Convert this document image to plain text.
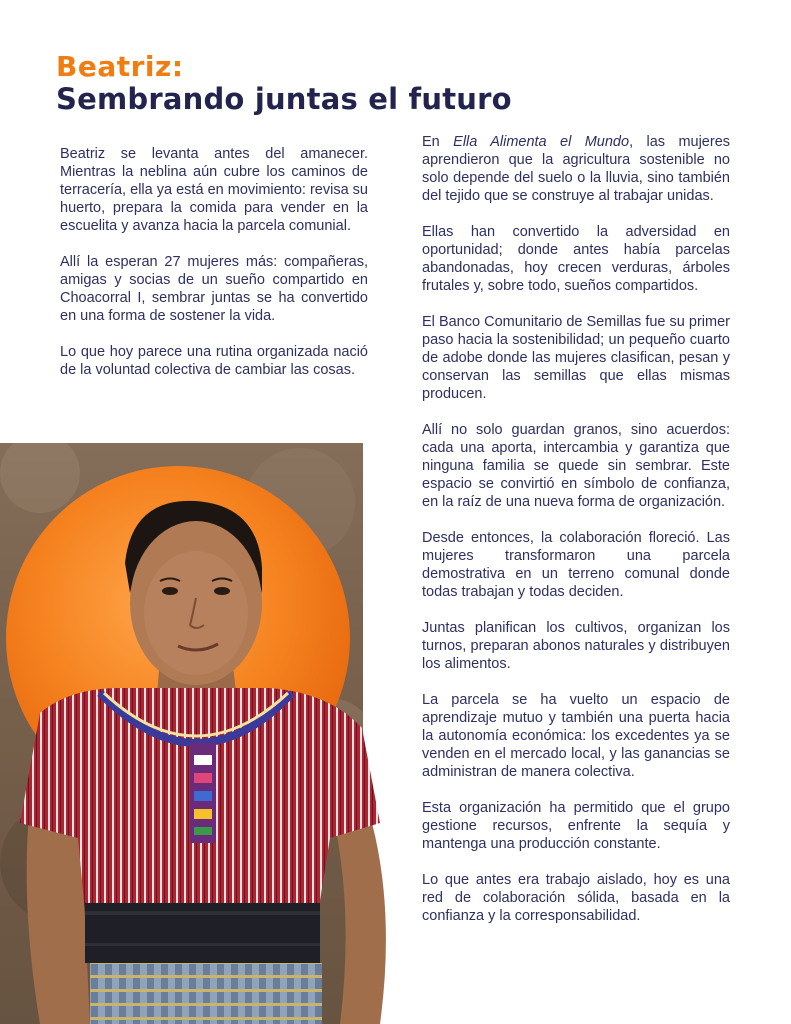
Beatriz:
Sembrando juntas el futuro

Beatriz se levanta antes del amanecer. Mientras la neblina aún cubre los caminos de terracería, ella ya está en movimiento: revisa su huerto, prepara la comida para vender en la escuelita y avanza hacia la parcela comunial.

Allí la esperan 27 mujeres más: compañeras, amigas y socias de un sueño compartido en Choacorral I, sembrar juntas se ha convertido en una forma de sostener la vida.

Lo que hoy parece una rutina organizada nació de la voluntad colectiva de cambiar las cosas.

En Ella Alimenta el Mundo, las mujeres aprendieron que la agricultura sostenible no solo depende del suelo o la lluvia, sino también del tejido que se construye al trabajar unidas.

Ellas han convertido la adversidad en oportunidad; donde antes había parcelas abandonadas, hoy crecen verduras, árboles frutales y, sobre todo, sueños compartidos.

El Banco Comunitario de Semillas fue su primer paso hacia la sostenibilidad; un pequeño cuarto de adobe donde las mujeres clasifican, pesan y conservan las semillas que ellas mismas producen.

Allí no solo guardan granos, sino acuerdos: cada una aporta, intercambia y garantiza que ninguna familia se quede sin sembrar. Este espacio se convirtió en símbolo de confianza, en la raíz de una nueva forma de organización.

Desde entonces, la colaboración floreció. Las mujeres transformaron una parcela demostrativa en un terreno comunal donde todas trabajan y todas deciden.

Juntas planifican los cultivos, organizan los turnos, preparan abonos naturales y distribuyen los alimentos.

La parcela se ha vuelto un espacio de aprendizaje mutuo y también una puerta hacia la autonomía económica: los excedentes ya se venden en el mercado local, y las ganancias se administran de manera colectiva.

Esta organización ha permitido que el grupo gestione recursos, enfrente la sequía y mantenga una producción constante.

Lo que antes era trabajo aislado, hoy es una red de colaboración sólida, basada en la confianza y la corresponsabilidad.
